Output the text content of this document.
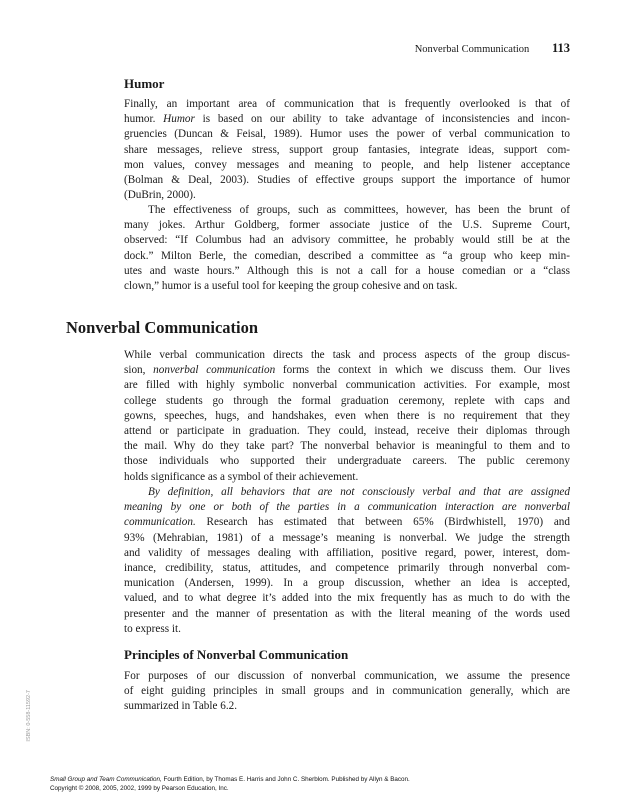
Nonverbal Communication 113
Humor
Finally, an important area of communication that is frequently overlooked is that of
humor. Humor is based on our ability to take advantage of inconsistencies and incon-
gruencies (Duncan & Feisal, 1989). Humor uses the power of verbal communication to
share messages, relieve stress, support group fantasies, integrate ideas, support com-
mon values, convey messages and meaning to people, and help listener acceptance
(Bolman & Deal, 2003). Studies of effective groups support the importance of humor
(DuBrin, 2000).
The effectiveness of groups, such as committees, however, has been the brunt of
many jokes. Arthur Goldberg, former associate justice of the U.S. Supreme Court,
observed: “If Columbus had an advisory committee, he probably would still be at the
dock.” Milton Berle, the comedian, described a committee as “a group who keep min-
utes and waste hours.” Although this is not a call for a house comedian or a “class
clown,” humor is a useful tool for keeping the group cohesive and on task.
Nonverbal Communication
While verbal communication directs the task and process aspects of the group discus-
sion, nonverbal communication forms the context in which we discuss them. Our lives
are filled with highly symbolic nonverbal communication activities. For example, most
college students go through the formal graduation ceremony, replete with caps and
gowns, speeches, hugs, and handshakes, even when there is no requirement that they
attend or participate in graduation. They could, instead, receive their diplomas through
the mail. Why do they take part? The nonverbal behavior is meaningful to them and to
those individuals who supported their undergraduate careers. The public ceremony
holds significance as a symbol of their achievement.
By definition, all behaviors that are not consciously verbal and that are assigned
meaning by one or both of the parties in a communication interaction are nonverbal
communication. Research has estimated that between 65% (Birdwhistell, 1970) and
93% (Mehrabian, 1981) of a message’s meaning is nonverbal. We judge the strength
and validity of messages dealing with affiliation, positive regard, power, interest, dom-
inance, credibility, status, attitudes, and competence primarily through nonverbal com-
munication (Andersen, 1999). In a group discussion, whether an idea is accepted,
valued, and to what degree it’s added into the mix frequently has as much to do with the
presenter and the manner of presentation as with the literal meaning of the words used
to express it.
Principles of Nonverbal Communication
For purposes of our discussion of nonverbal communication, we assume the presence
of eight guiding principles in small groups and in communication generally, which are
summarized in Table 6.2.
ISBN: 0-558-11592-7
Small Group and Team Communication, Fourth Edition, by Thomas E. Harris and John C. Sherblom. Published by Allyn & Bacon.
Copyright © 2008, 2005, 2002, 1999 by Pearson Education, Inc.
